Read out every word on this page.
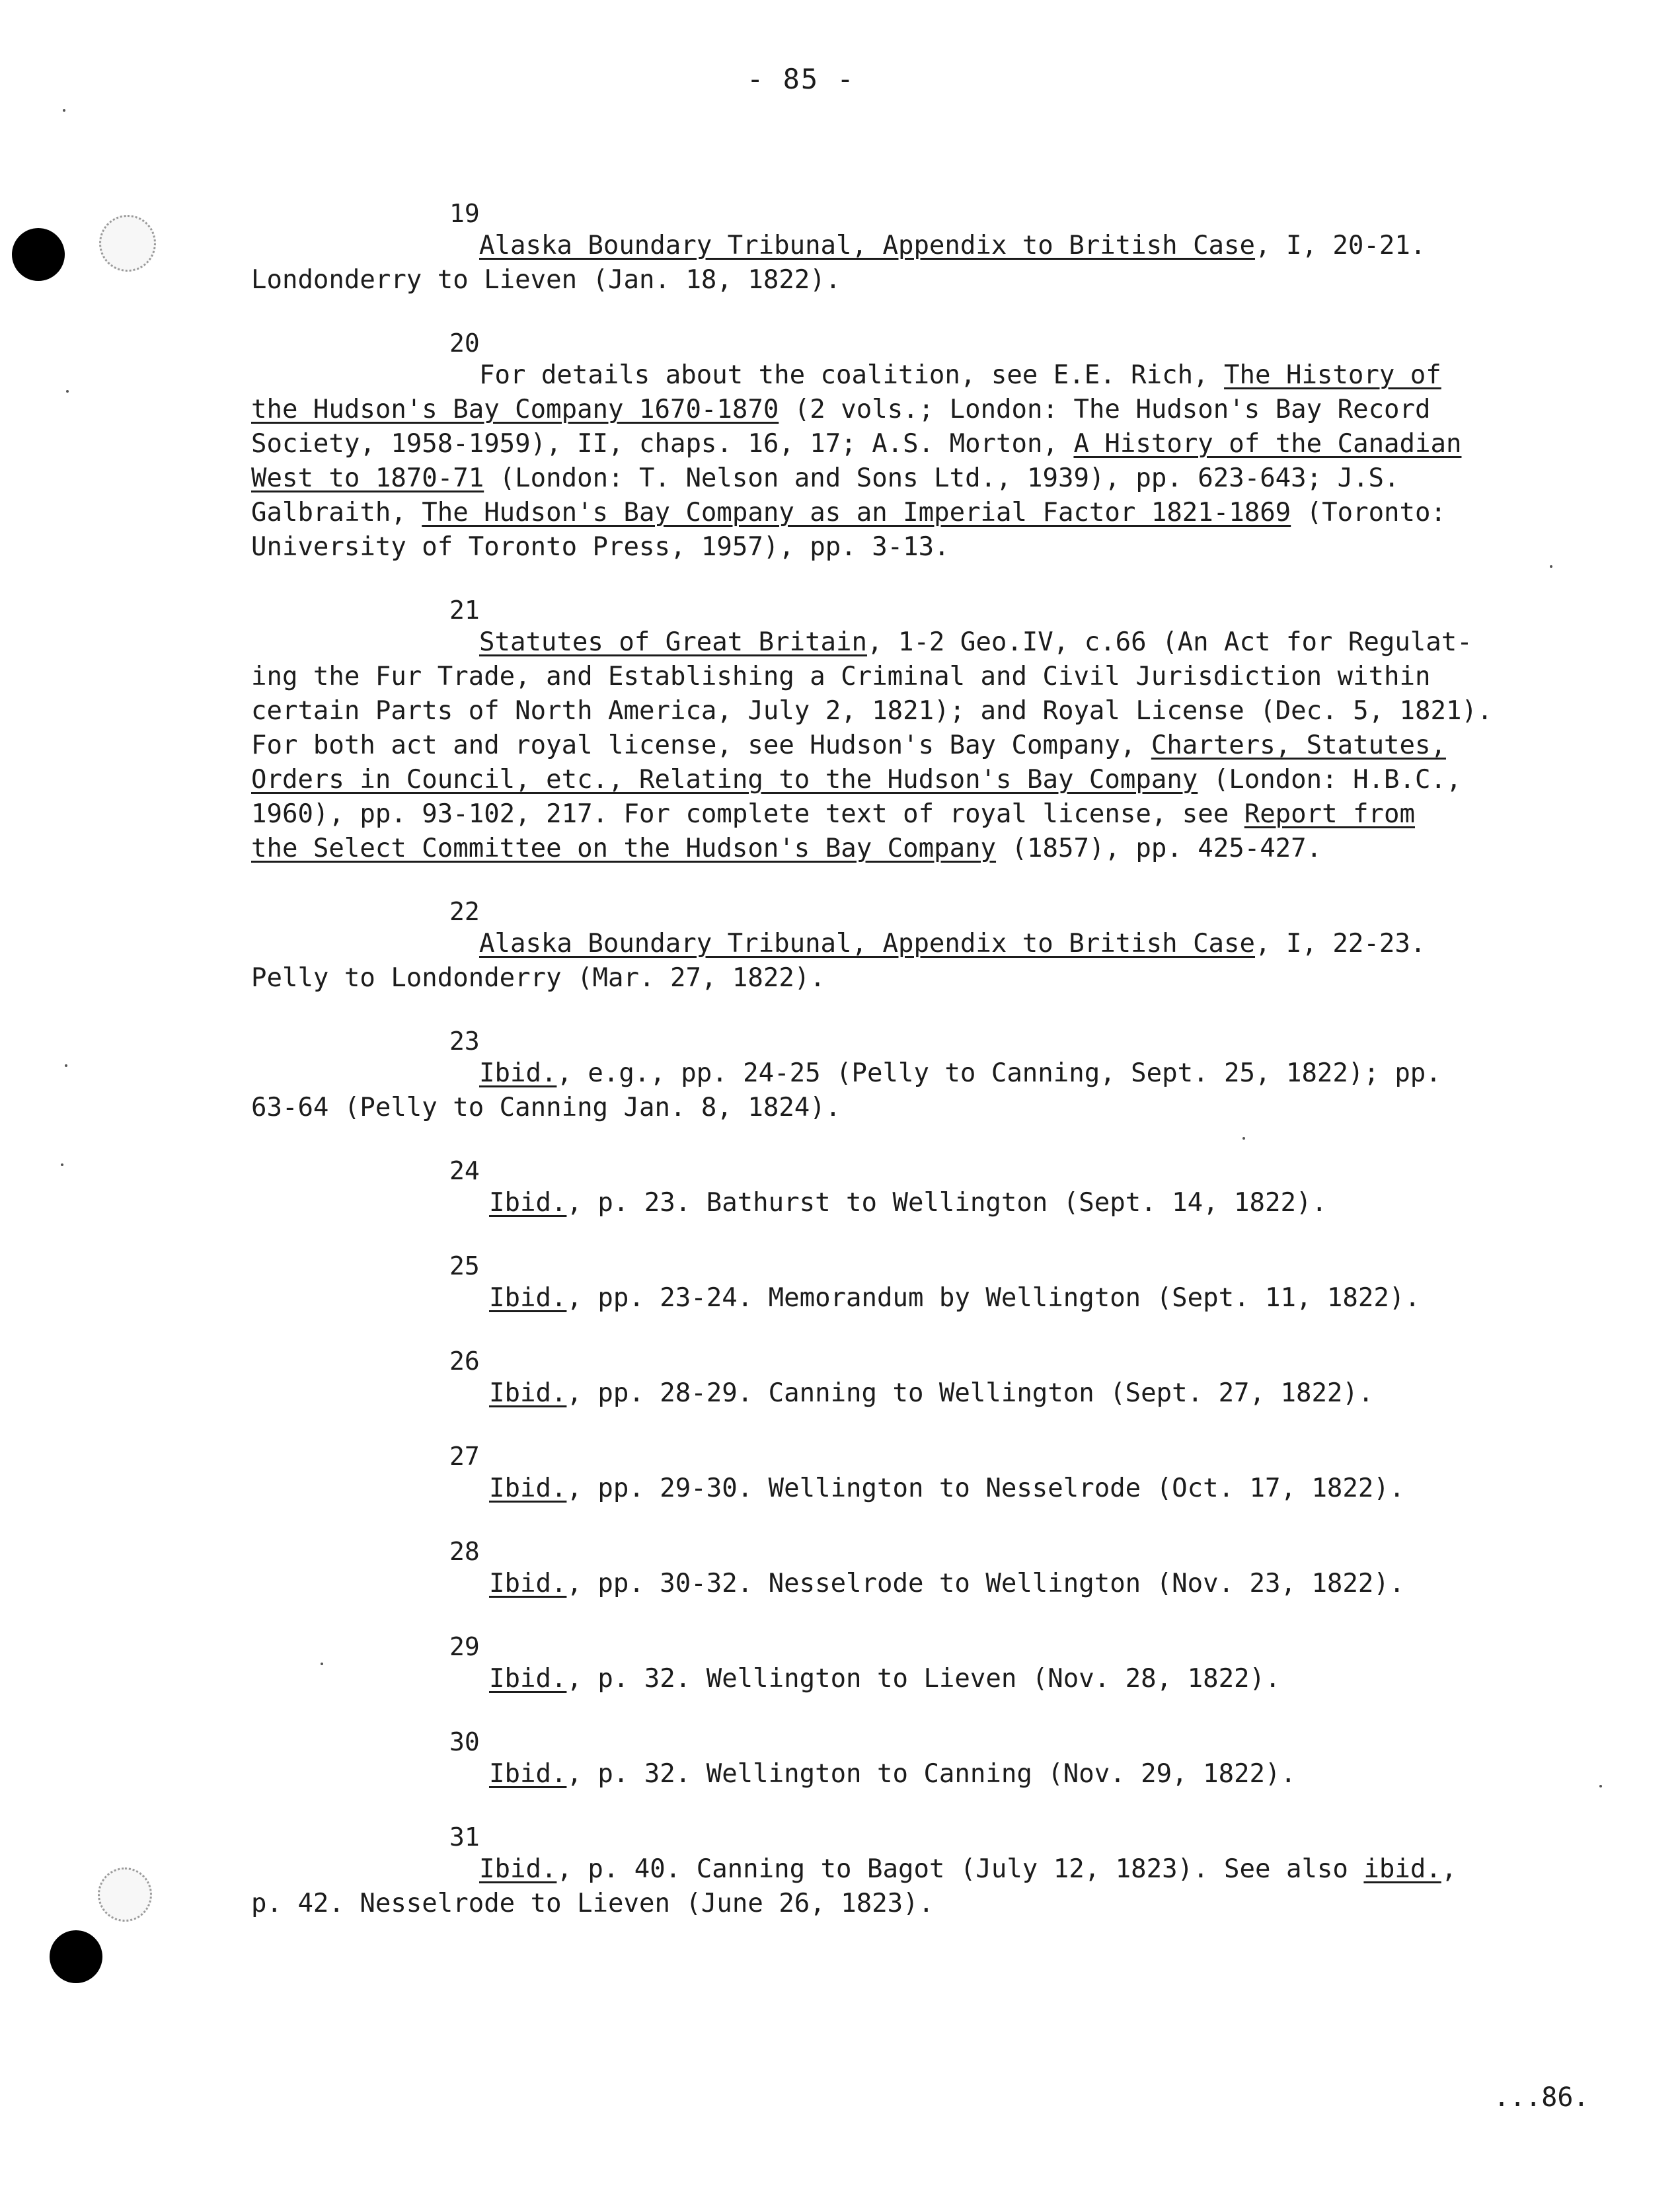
- 85 -
19
Alaska Boundary Tribunal, Appendix to British Case, I, 20-21.
Londonderry to Lieven (Jan. 18, 1822).
20
For details about the coalition, see E.E. Rich, The History of
the Hudson's Bay Company 1670-1870 (2 vols.; London: The Hudson's Bay Record
Society, 1958-1959), II, chaps. 16, 17; A.S. Morton, A History of the Canadian
West to 1870-71 (London: T. Nelson and Sons Ltd., 1939), pp. 623-643; J.S.
Galbraith, The Hudson's Bay Company as an Imperial Factor 1821-1869 (Toronto:
University of Toronto Press, 1957), pp. 3-13.
21
Statutes of Great Britain, 1-2 Geo.IV, c.66 (An Act for Regulat-
ing the Fur Trade, and Establishing a Criminal and Civil Jurisdiction within
certain Parts of North America, July 2, 1821); and Royal License (Dec. 5, 1821).
For both act and royal license, see Hudson's Bay Company, Charters, Statutes,
Orders in Council, etc., Relating to the Hudson's Bay Company (London: H.B.C.,
1960), pp. 93-102, 217. For complete text of royal license, see Report from
the Select Committee on the Hudson's Bay Company (1857), pp. 425-427.
22
Alaska Boundary Tribunal, Appendix to British Case, I, 22-23.
Pelly to Londonderry (Mar. 27, 1822).
23
Ibid., e.g., pp. 24-25 (Pelly to Canning, Sept. 25, 1822); pp.
63-64 (Pelly to Canning Jan. 8, 1824).
24
Ibid., p. 23. Bathurst to Wellington (Sept. 14, 1822).
25
Ibid., pp. 23-24. Memorandum by Wellington (Sept. 11, 1822).
26
Ibid., pp. 28-29. Canning to Wellington (Sept. 27, 1822).
27
Ibid., pp. 29-30. Wellington to Nesselrode (Oct. 17, 1822).
28
Ibid., pp. 30-32. Nesselrode to Wellington (Nov. 23, 1822).
29
Ibid., p. 32. Wellington to Lieven (Nov. 28, 1822).
30
Ibid., p. 32. Wellington to Canning (Nov. 29, 1822).
31
Ibid., p. 40. Canning to Bagot (July 12, 1823). See also ibid.,
p. 42. Nesselrode to Lieven (June 26, 1823).
...86.
